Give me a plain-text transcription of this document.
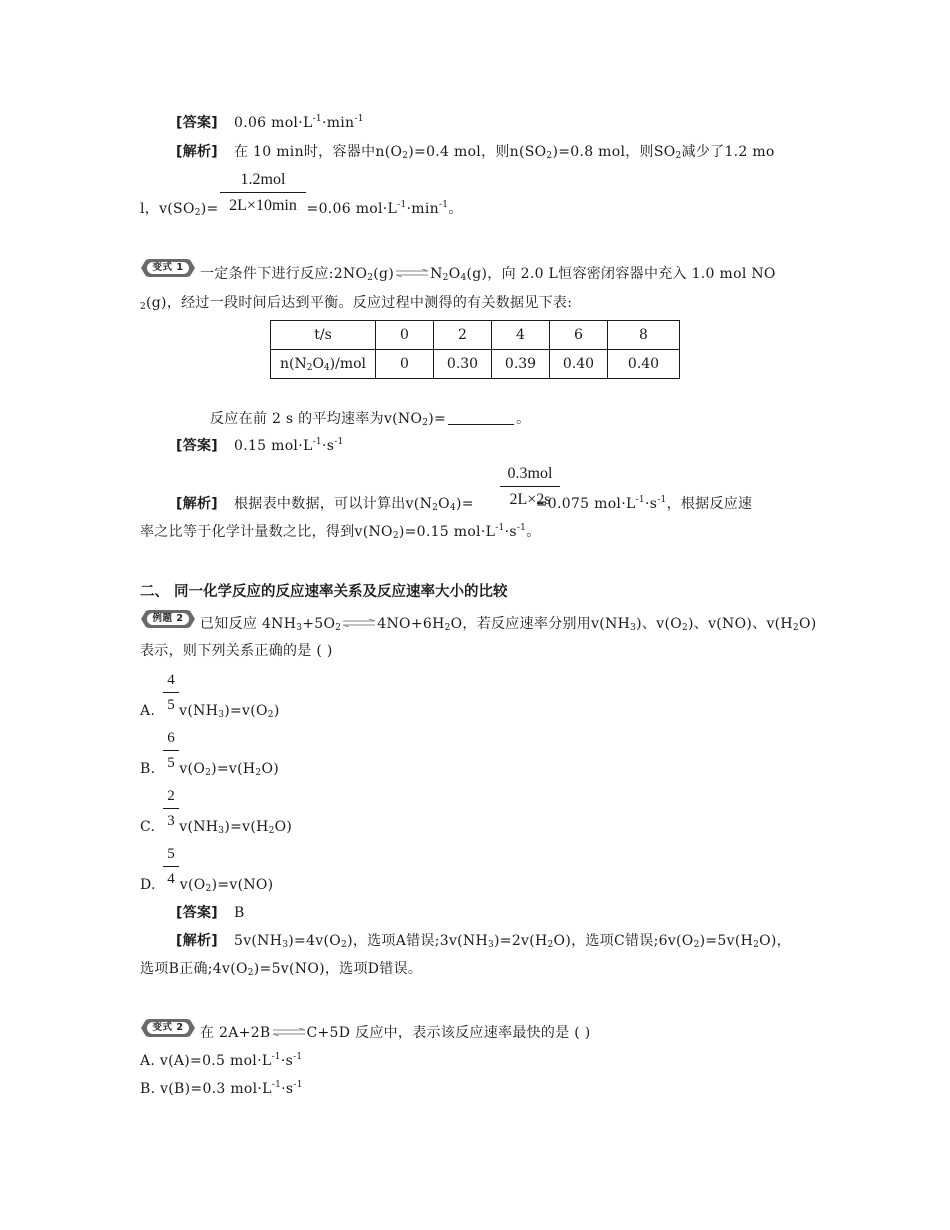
[答案] 0.06 $mol\cdot L^{-1}\cdot\min^{-1}$
[解析] 在 10 min时，容器中$n(O_2)=0.4$ mol，则$n(SO_2)=0.8$ mol，则$SO_2$减少了1.2 mo
1.2mol
2L×10min
l，$v(SO_2)=$	=0.06 $mol\cdot L^{-1}\cdot\min^{-1}$。
变式 1	一定条件下进行反应$:2NO_2(g)\rightleftharpoons N_2O_4(g)$，向 2.0 L恒容密闭容器中充入 1.0 mol NO
$_2$(g)，经过一段时间后达到平衡。反应过程中测得的有关数据见下表:
t/s	0	2	4	6	8
$n(N_2O_4)$/mol	0	0.30	0.39	0.40	0.40
反应在前 2 s 的平均速率为$v(NO_2)=$	。
[答案] 0.15 $mol\cdot L^{-1}\cdot s^{-1}$
0.3mol
2L×2s
[解析] 根据表中数据，可以计算出$v(N_2O_4)=$	=0.075 $mol\cdot L^{-1}\cdot s^{-1}$，根据反应速
率之比等于化学计量数之比，得到$v(NO_2)=0.15$ $mol\cdot L^{-1}\cdot s^{-1}$。
二、 同一化学反应的反应速率关系及反应速率大小的比较
例题 2	已知反应 $4NH_3+5O_2\rightleftharpoons 4NO+6H_2O$，若反应速率分别用$v(NH_3)$、$v(O_2)$、v(NO)、$v(H_2O)$
表示，则下列关系正确的是 ( )
4
5
A. $v(NH_3)=v(O_2)$
6
5
B. $v(O_2)=v(H_2O)$
2
3
C. $v(NH_3)=v(H_2O)$
5
4
D. $v(O_2)=v(NO)$
[答案] B
[解析] $5v(NH_3)=4v(O_2)$，选项A错误$;3v(NH_3)=2v(H_2O)$，选项C错误$;6v(O_2)=5v(H_2O)$，
选项B正确$;4v(O_2)=5v(NO)$，选项D错误。
变式 2	在 2A+2B⇌C+5D 反应中，表示该反应速率最快的是 ( )
A. v(A)=0.5 $mol\cdot L^{-1}\cdot s^{-1}$
B. v(B)=0.3 $mol\cdot L^{-1}\cdot s^{-1}$
